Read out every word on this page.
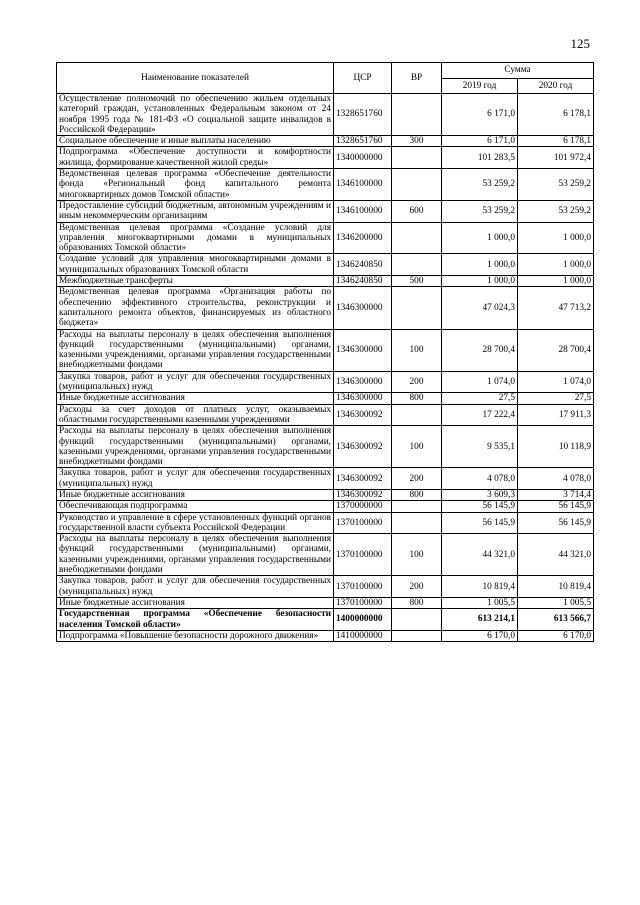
125
Наименование показателей	ЦСР	ВР	Сумма	
			2019 год	2020 год
Осуществление полномочий по обеспечению жильем отдельных категорий граждан, установленных Федеральным законом от 24 ноября 1995 года № 181-ФЗ «О социальной защите инвалидов в Российской Федерации»	1328651760		6 171,0	6 178,1
Социальное обеспечение и иные выплаты населению	1328651760	300	6 171,0	6 178,1
Подпрограмма «Обеспечение доступности и комфортности жилища, формирование качественной жилой среды»	1340000000		101 283,5	101 972,4
Ведомственная целевая программа «Обеспечение деятельности фонда «Региональный фонд капитального ремонта многоквартирных домов Томской области»	1346100000		53 259,2	53 259,2
Предоставление субсидий бюджетным, автономным учреждениям и иным некоммерческим организациям	1346100000	600	53 259,2	53 259,2
Ведомственная целевая программа «Создание условий для управления многоквартирными домами в муниципальных образованиях Томской области»	1346200000		1 000,0	1 000,0
Создание условий для управления многоквартирными домами в муниципальных образованиях Томской области	1346240850		1 000,0	1 000,0
Межбюджетные трансферты	1346240850	500	1 000,0	1 000,0
Ведомственная целевая программа «Организация работы по обеспечению эффективного строительства, реконструкции и капитального ремонта объектов, финансируемых из областного бюджета»	1346300000		47 024,3	47 713,2
Расходы на выплаты персоналу в целях обеспечения выполнения функций государственными (муниципальными) органами, казенными учреждениями, органами управления государственными внебюджетными фондами	1346300000	100	28 700,4	28 700,4
Закупка товаров, работ и услуг для обеспечения государственных (муниципальных) нужд	1346300000	200	1 074,0	1 074,0
Иные бюджетные ассигнования	1346300000	800	27,5	27,5
Расходы за счет доходов от платных услуг, оказываемых областными государственными казенными учреждениями	1346300092		17 222,4	17 911,3
Расходы на выплаты персоналу в целях обеспечения выполнения функций государственными (муниципальными) органами, казенными учреждениями, органами управления государственными внебюджетными фондами	1346300092	100	9 535,1	10 118,9
Закупка товаров, работ и услуг для обеспечения государственных (муниципальных) нужд	1346300092	200	4 078,0	4 078,0
Иные бюджетные ассигнования	1346300092	800	3 609,3	3 714,4
Обеспечивающая подпрограмма	1370000000		56 145,9	56 145,9
Руководство и управление в сфере установленных функций органов государственной власти субъекта Российской Федерации	1370100000		56 145,9	56 145,9
Расходы на выплаты персоналу в целях обеспечения выполнения функций государственными (муниципальными) органами, казенными учреждениями, органами управления государственными внебюджетными фондами	1370100000	100	44 321,0	44 321,0
Закупка товаров, работ и услуг для обеспечения государственных (муниципальных) нужд	1370100000	200	10 819,4	10 819,4
Иные бюджетные ассигнования	1370100000	800	1 005,5	1 005,5
Государственная программа «Обеспечение безопасности населения Томской области»	1400000000		613 214,1	613 566,7
Подпрограмма «Повышение безопасности дорожного движения»	1410000000		6 170,0	6 170,0
